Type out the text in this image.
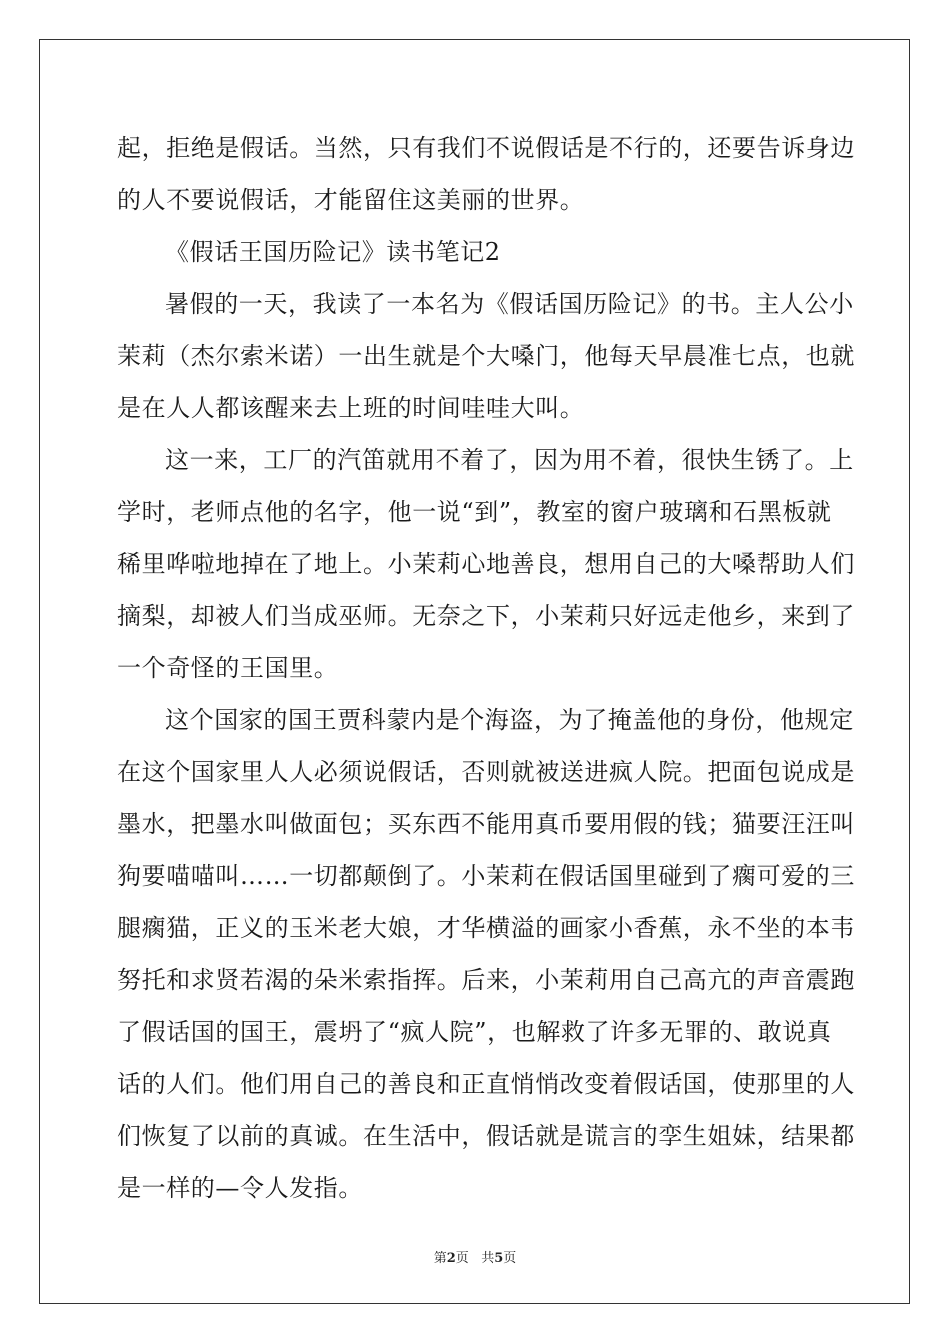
起，拒绝是假话。当然，只有我们不说假话是不行的，还要告诉身边
的人不要说假话，才能留住这美丽的世界。
《假话王国历险记》读书笔记2
暑假的一天，我读了一本名为《假话国历险记》的书。主人公小
茉莉（杰尔索米诺）一出生就是个大嗓门，他每天早晨准七点，也就
是在人人都该醒来去上班的时间哇哇大叫。
这一来，工厂的汽笛就用不着了，因为用不着，很快生锈了。上
学时，老师点他的名字，他一说“到”，教室的窗户玻璃和石黑板就
稀里哗啦地掉在了地上。小茉莉心地善良，想用自己的大嗓帮助人们
摘梨，却被人们当成巫师。无奈之下，小茉莉只好远走他乡，来到了
一个奇怪的王国里。
这个国家的国王贾科蒙内是个海盗，为了掩盖他的身份，他规定
在这个国家里人人必须说假话，否则就被送进疯人院。把面包说成是
墨水，把墨水叫做面包；买东西不能用真币要用假的钱；猫要汪汪叫
狗要喵喵叫……一切都颠倒了。小茉莉在假话国里碰到了瘸可爱的三
腿瘸猫，正义的玉米老大娘，才华横溢的画家小香蕉，永不坐的本韦
努托和求贤若渴的朵米索指挥。后来，小茉莉用自己高亢的声音震跑
了假话国的国王，震坍了“疯人院”，也解救了许多无罪的、敢说真
话的人们。他们用自己的善良和正直悄悄改变着假话国，使那里的人
们恢复了以前的真诚。在生活中，假话就是谎言的孪生姐妹，结果都
是一样的—令人发指。
第2页 共5页
